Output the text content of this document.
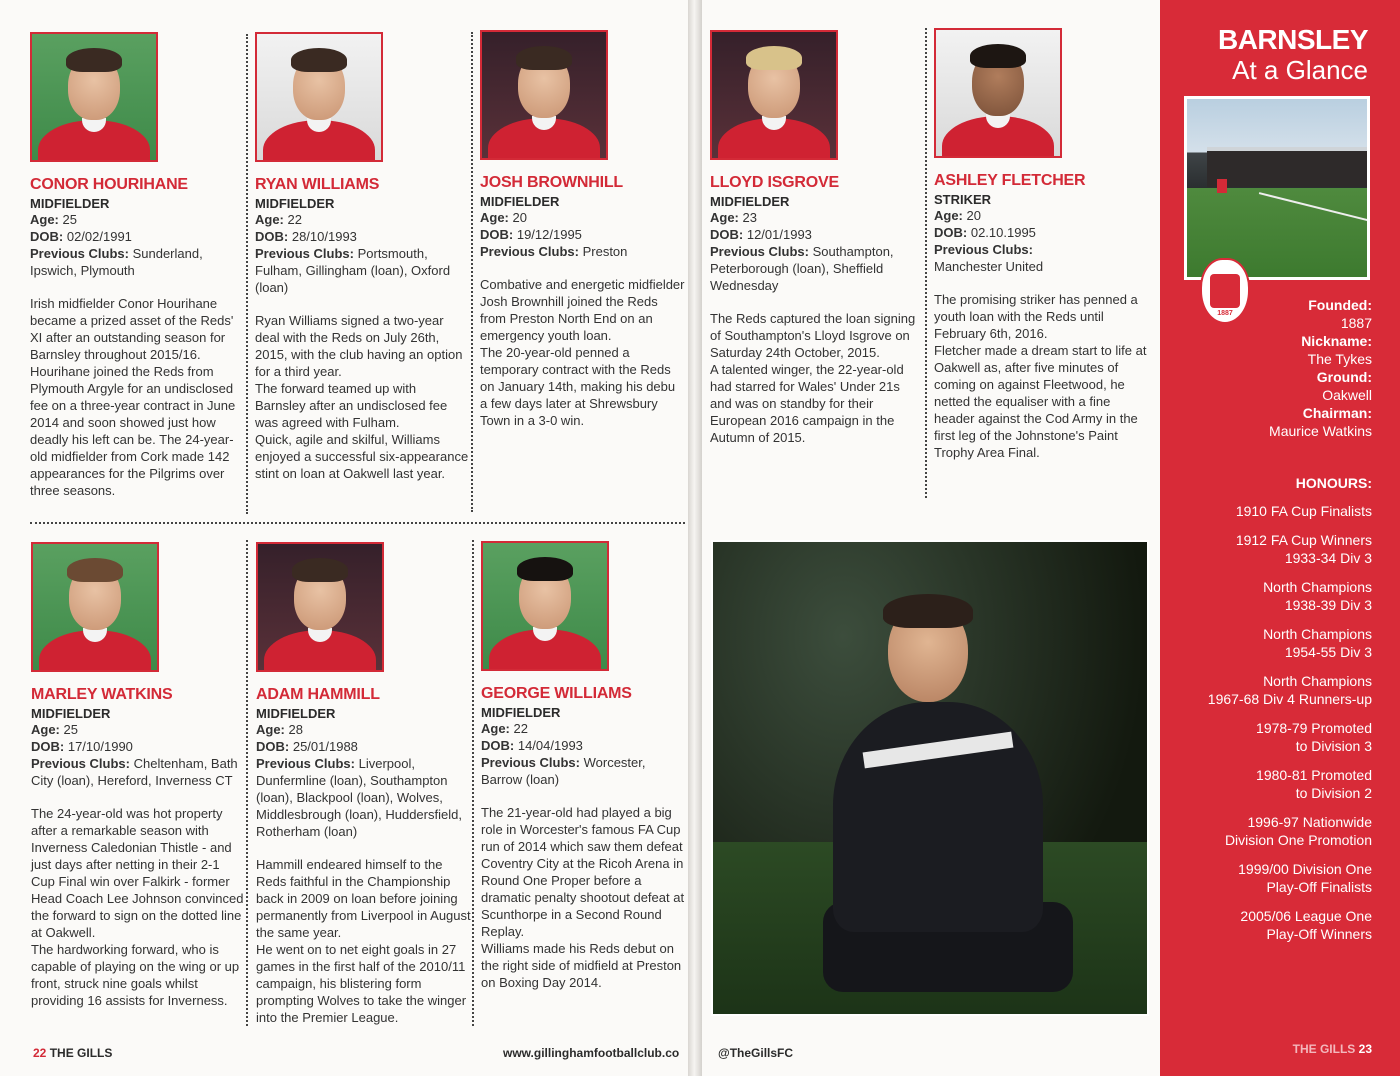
CONOR HOURIHANE
MIDFIELDER
Age: 25
DOB: 02/02/1991
Previous Clubs: Sunderland, Ipswich, Plymouth
Irish midfielder Conor Hourihane became a prized asset of the Reds' XI after an outstanding season for Barnsley throughout 2015/16.
Hourihane joined the Reds from Plymouth Argyle for an undisclosed fee on a three-year contract in June 2014 and soon showed just how deadly his left can be. The 24-year-old midfielder from Cork made 142 appearances for the Pilgrims over three seasons.
RYAN WILLIAMS
MIDFIELDER
Age: 22
DOB: 28/10/1993
Previous Clubs: Portsmouth, Fulham, Gillingham (loan), Oxford (loan)
Ryan Williams signed a two-year deal with the Reds on July 26th, 2015, with the club having an option for a third year.
The forward teamed up with Barnsley after an undisclosed fee was agreed with Fulham.
Quick, agile and skilful, Williams enjoyed a successful six-appearance stint on loan at Oakwell last year.
JOSH BROWNHILL
MIDFIELDER
Age: 20
DOB: 19/12/1995
Previous Clubs: Preston
Combative and energetic midfielder Josh Brownhill joined the Reds from Preston North End on an emergency youth loan.
The 20-year-old penned a temporary contract with the Reds on January 14th, making his debu a few days later at Shrewsbury Town in a 3-0 win.
LLOYD ISGROVE
MIDFIELDER
Age: 23
DOB: 12/01/1993
Previous Clubs: Southampton, Peterborough (loan), Sheffield Wednesday
The Reds captured the loan signing of Southampton's Lloyd Isgrove on Saturday 24th October, 2015.
A talented winger, the 22-year-old had starred for Wales' Under 21s and was on standby for their European 2016 campaign in the Autumn of 2015.
ASHLEY FLETCHER
STRIKER
Age: 20
DOB: 02.10.1995
Previous Clubs:
Manchester United
The promising striker has penned a youth loan with the Reds until February 6th, 2016.
Fletcher made a dream start to life at Oakwell as, after five minutes of coming on against Fleetwood, he netted the equaliser with a fine header against the Cod Army in the first leg of the Johnstone's Paint Trophy Area Final.
MARLEY WATKINS
MIDFIELDER
Age: 25
DOB: 17/10/1990
Previous Clubs: Cheltenham, Bath City (loan), Hereford, Inverness CT
The 24-year-old was hot property after a remarkable season with Inverness Caledonian Thistle - and just days after netting in their 2-1 Cup Final win over Falkirk - former Head Coach Lee Johnson convinced the forward to sign on the dotted line at Oakwell.
The hardworking forward, who is capable of playing on the wing or up front, struck nine goals whilst providing 16 assists for Inverness.
ADAM HAMMILL
MIDFIELDER
Age: 28
DOB: 25/01/1988
Previous Clubs: Liverpool, Dunfermline (loan), Southampton (loan), Blackpool (loan), Wolves, Middlesbrough (loan), Huddersfield, Rotherham (loan)
Hammill endeared himself to the Reds faithful in the Championship back in 2009 on loan before joining permanently from Liverpool in August the same year.
He went on to net eight goals in 27 games in the first half of the 2010/11 campaign, his blistering form prompting Wolves to take the winger into the Premier League.
GEORGE WILLIAMS
MIDFIELDER
Age: 22
DOB: 14/04/1993
Previous Clubs: Worcester, Barrow (loan)
The 21-year-old had played a big role in Worcester's famous FA Cup run of 2014 which saw them defeat Coventry City at the Ricoh Arena in Round One Proper before a dramatic penalty shootout defeat at Scunthorpe in a Second Round Replay.
Williams made his Reds debut on the right side of midfield at Preston on Boxing Day 2014.
22 THE GILLS	www.gillinghamfootballclub.co	@TheGillsFC
BARNSLEY
At a Glance
1887
Founded:
1887
Nickname:
The Tykes
Ground:
Oakwell
Chairman:
Maurice Watkins
HONOURS:
1910 FA Cup Finalists
1912 FA Cup Winners
1933-34 Div 3
North Champions
1938-39 Div 3
North Champions
1954-55 Div 3
North Champions
1967-68 Div 4 Runners-up
1978-79 Promoted
to Division 3
1980-81 Promoted
to Division 2
1996-97 Nationwide
Division One Promotion
1999/00 Division One
Play-Off Finalists
2005/06 League One
Play-Off Winners
THE GILLS 23
